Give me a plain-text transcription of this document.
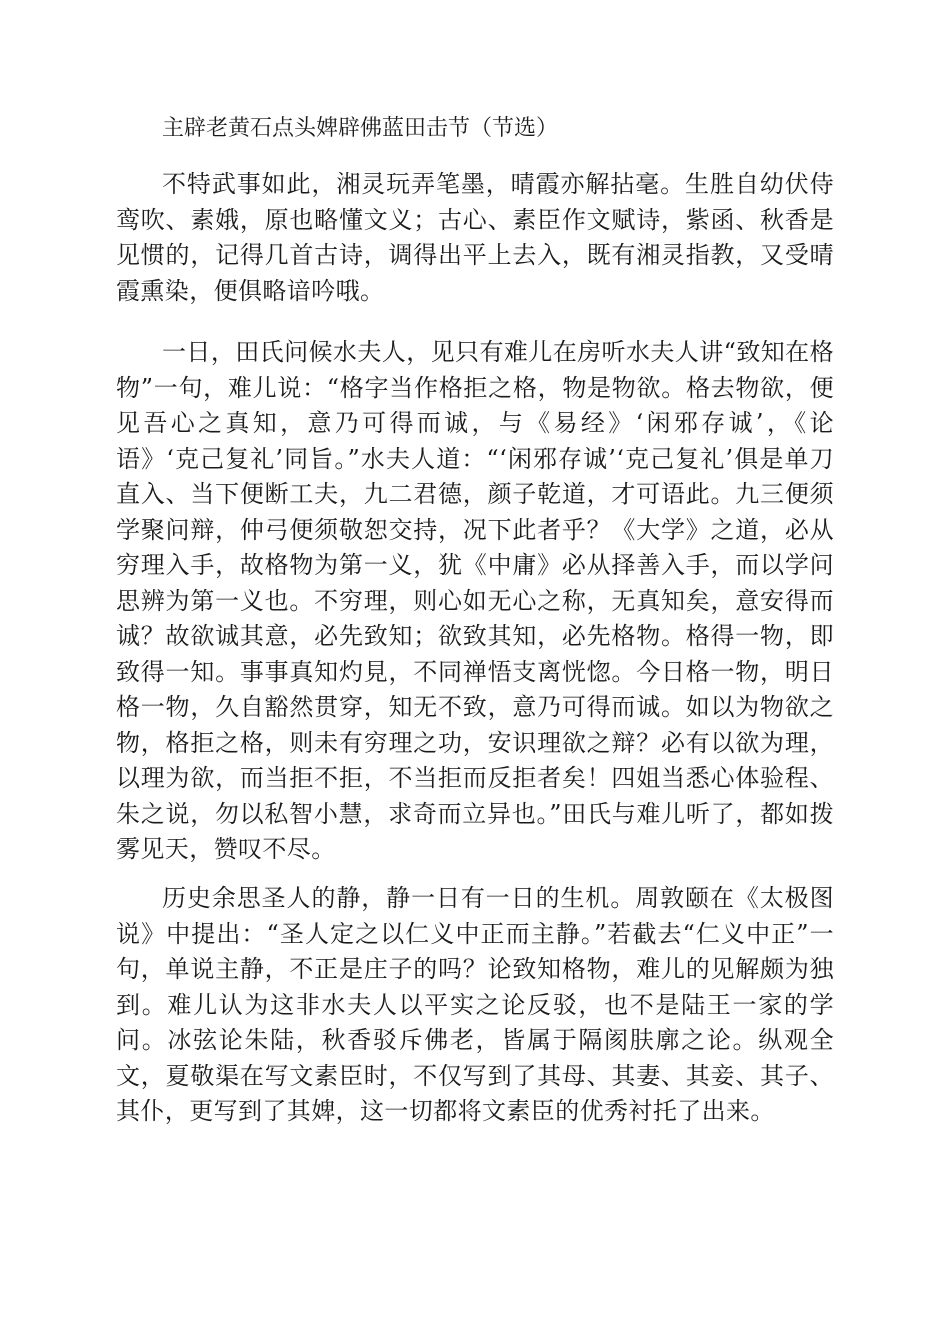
主辟老黄石点头婢辟佛蓝田击节（节选）

不特武事如此，湘灵玩弄笔墨，晴霞亦解拈毫。生胜自幼伏侍鸾吹、素娥，原也略懂文义；古心、素臣作文赋诗，紫函、秋香是见惯的，记得几首古诗，调得出平上去入，既有湘灵指教，又受晴霞熏染，便俱略谙吟哦。

一日，田氏问候水夫人，见只有难儿在房听水夫人讲“致知在格物”一句，难儿说：“格字当作格拒之格，物是物欲。格去物欲，便见吾心之真知，意乃可得而诚，与《易经》‘闲邪存诚’，《论语》‘克己复礼’同旨。”水夫人道：“‘闲邪存诚’‘克己复礼’俱是单刀直入、当下便断工夫，九二君德，颜子乾道，才可语此。九三便须学聚问辩，仲弓便须敬恕交持，况下此者乎？《大学》之道，必从穷理入手，故格物为第一义，犹《中庸》必从择善入手，而以学问思辨为第一义也。不穷理，则心如无心之称，无真知矣，意安得而诚？故欲诚其意，必先致知；欲致其知，必先格物。格得一物，即致得一知。事事真知灼見，不同禅悟支离恍惚。今日格一物，明日格一物，久自豁然贯穿，知无不致，意乃可得而诚。如以为物欲之物，格拒之格，则未有穷理之功，安识理欲之辩？必有以欲为理，以理为欲，而当拒不拒，不当拒而反拒者矣！四姐当悉心体验程、朱之说，勿以私智小慧，求奇而立异也。”田氏与难儿听了，都如拨雾见天，赞叹不尽。

历史余思圣人的静，静一日有一日的生机。周敦颐在《太极图说》中提出：“圣人定之以仁义中正而主静。”若截去“仁义中正”一句，单说主静，不正是庄子的吗？论致知格物，难儿的见解颇为独到。难儿认为这非水夫人以平实之论反驳，也不是陆王一家的学问。冰弦论朱陆，秋香驳斥佛老，皆属于隔阂肤廓之论。纵观全文，夏敬渠在写文素臣时，不仅写到了其母、其妻、其妾、其子、其仆，更写到了其婢，这一切都将文素臣的优秀衬托了出来。
